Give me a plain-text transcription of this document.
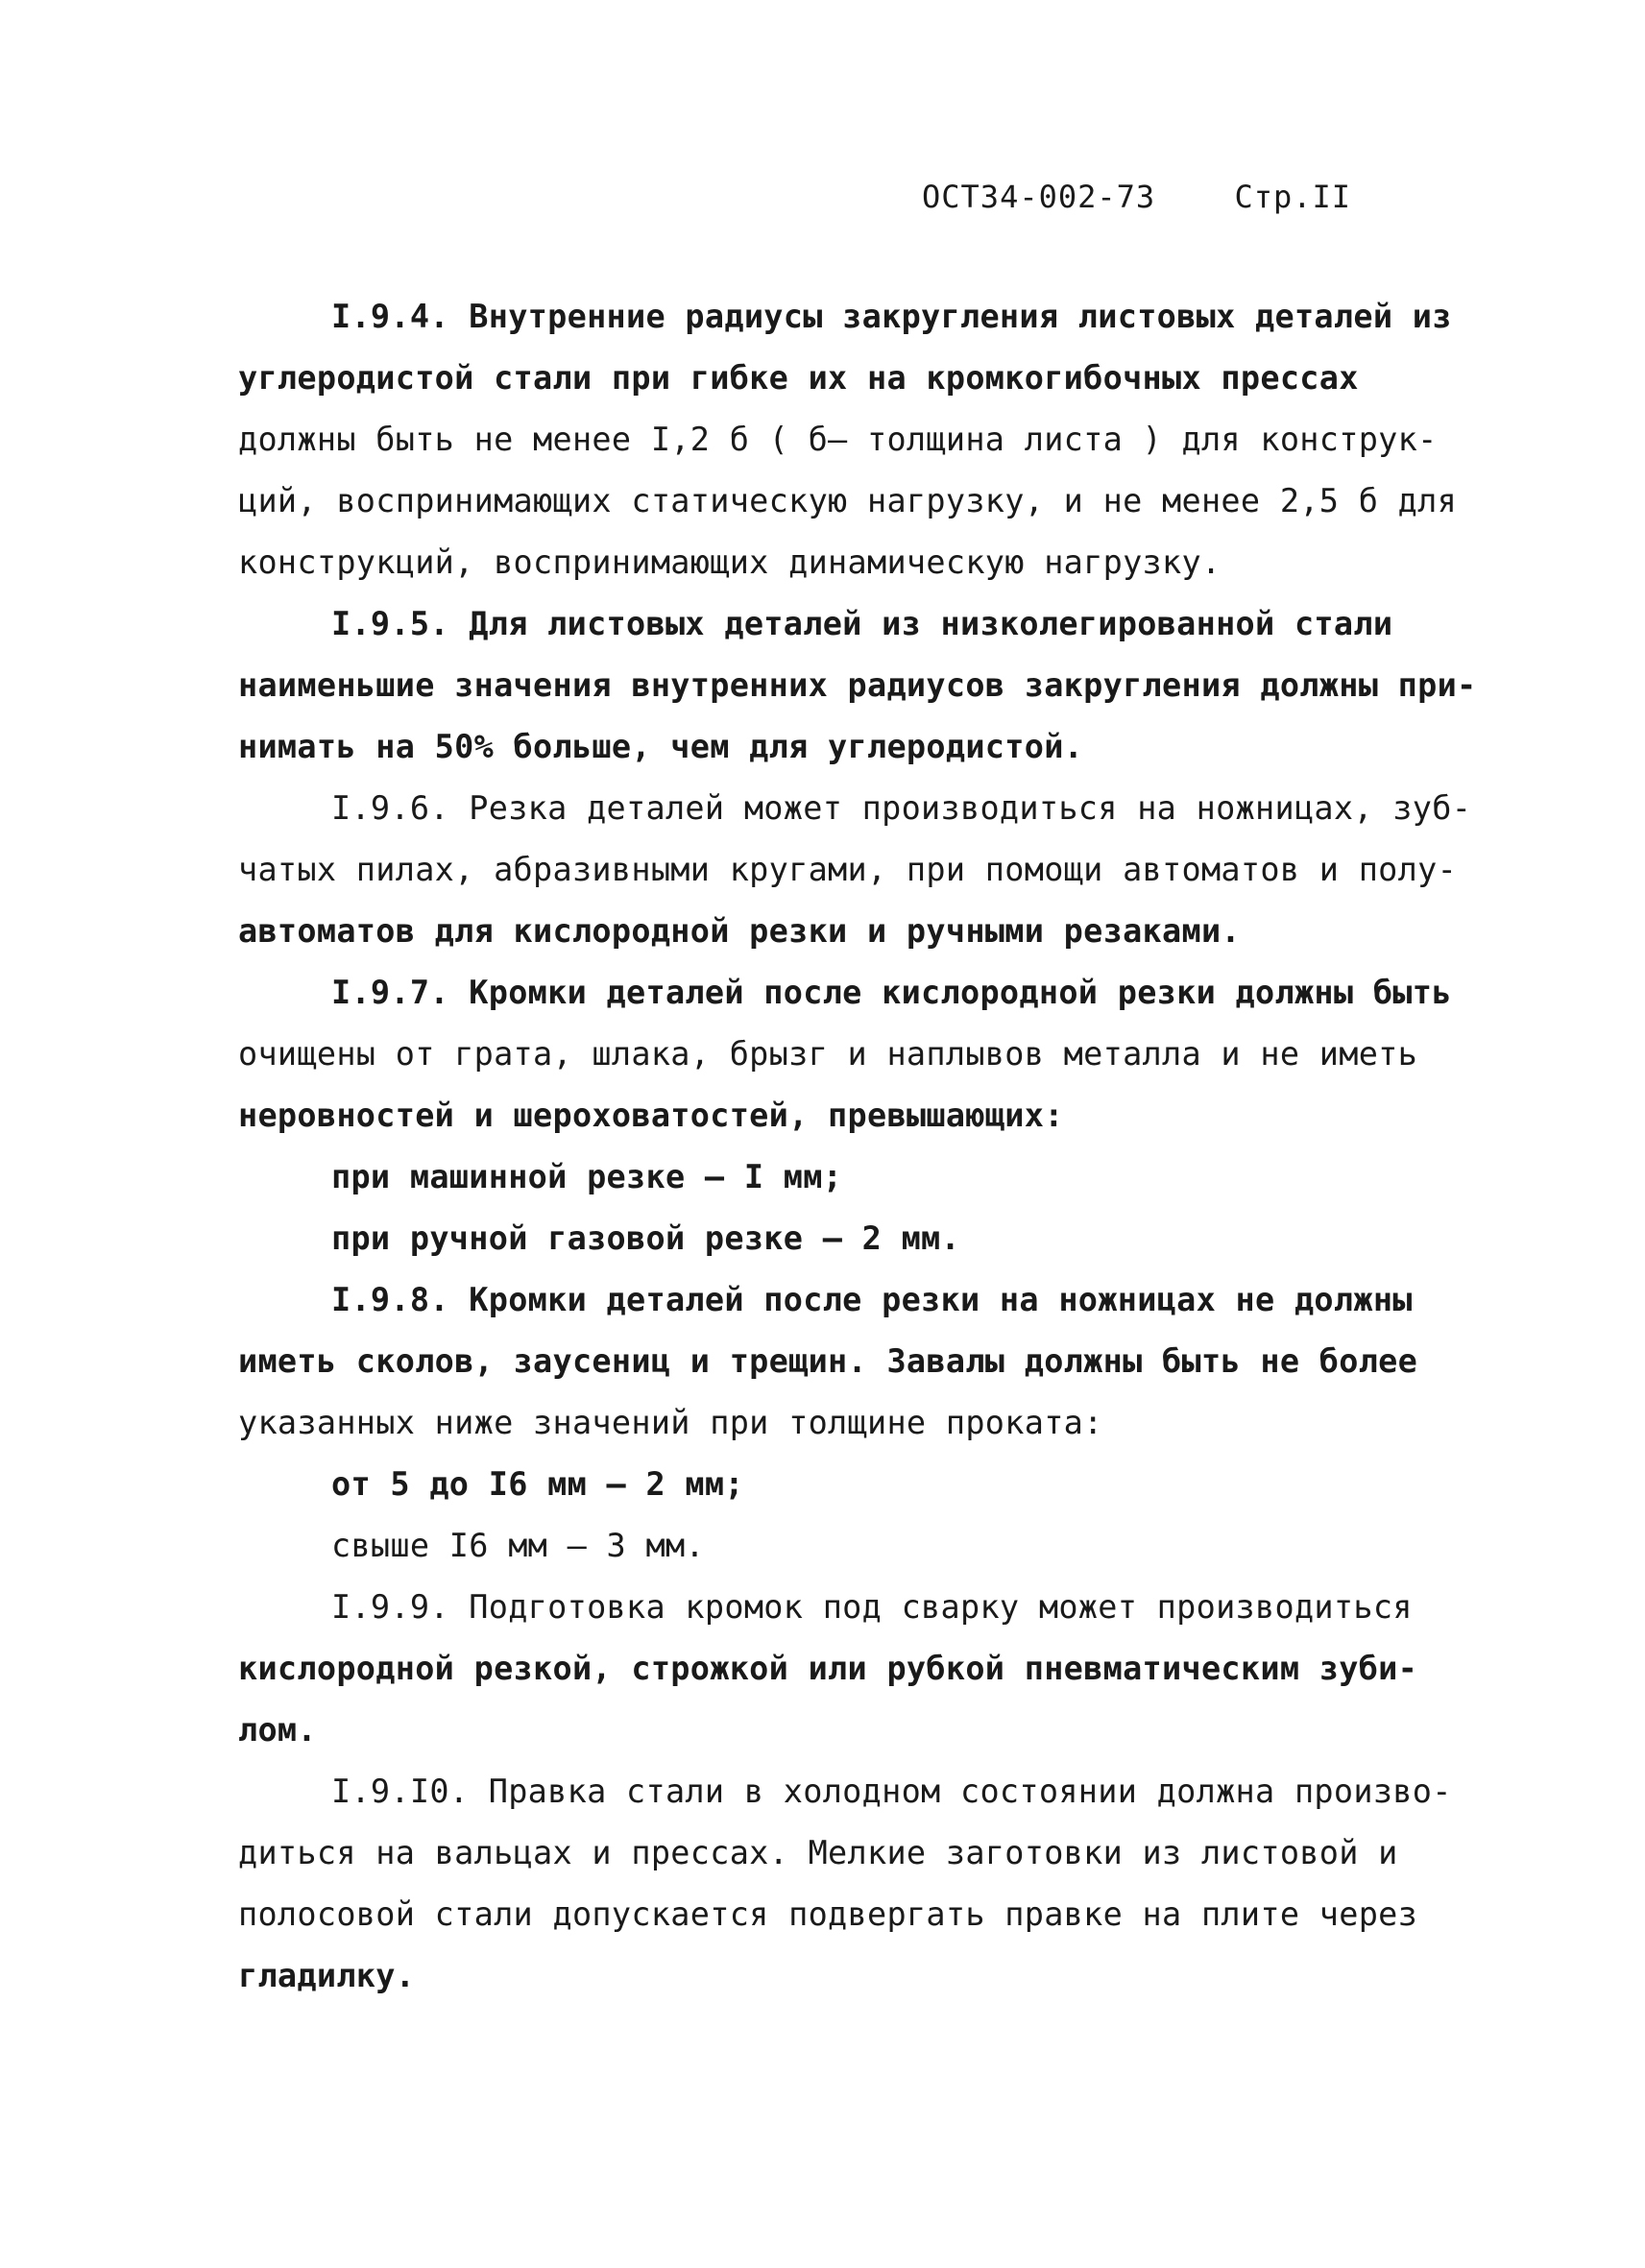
ОСТ34-002-73	Стр.II
I.9.4. Внутренние радиусы закругления листовых деталей из
углеродистой стали при гибке их на кромкогибочных прессах
должны быть не менее I,2 б ( б– толщина листа ) для конструк-
ций, воспринимающих статическую нагрузку, и не менее 2,5 б для
конструкций, воспринимающих динамическую нагрузку.
I.9.5. Для листовых деталей из низколегированной стали
наименьшие значения внутренних радиусов закругления должны при-
нимать на 50% больше, чем для углеродистой.
I.9.6. Резка деталей может производиться на ножницах, зуб-
чатых пилах, абразивными кругами, при помощи автоматов и полу-
автоматов для кислородной резки и ручными резаками.
I.9.7. Кромки деталей после кислородной резки должны быть
очищены от грата, шлака, брызг и наплывов металла и не иметь
неровностей и шероховатостей, превышающих:
при машинной резке – I мм;
при ручной газовой резке – 2 мм.
I.9.8. Кромки деталей после резки на ножницах не должны
иметь сколов, заусениц и трещин. Завалы должны быть не более
указанных ниже значений при толщине проката:
от 5 до I6 мм – 2 мм;
свыше I6 мм – 3 мм.
I.9.9. Подготовка кромок под сварку может производиться
кислородной резкой, строжкой или рубкой пневматическим зуби-
лом.
I.9.I0. Правка стали в холодном состоянии должна произво-
диться на вальцах и прессах. Мелкие заготовки из листовой и
полосовой стали допускается подвергать правке на плите через
гладилку.
